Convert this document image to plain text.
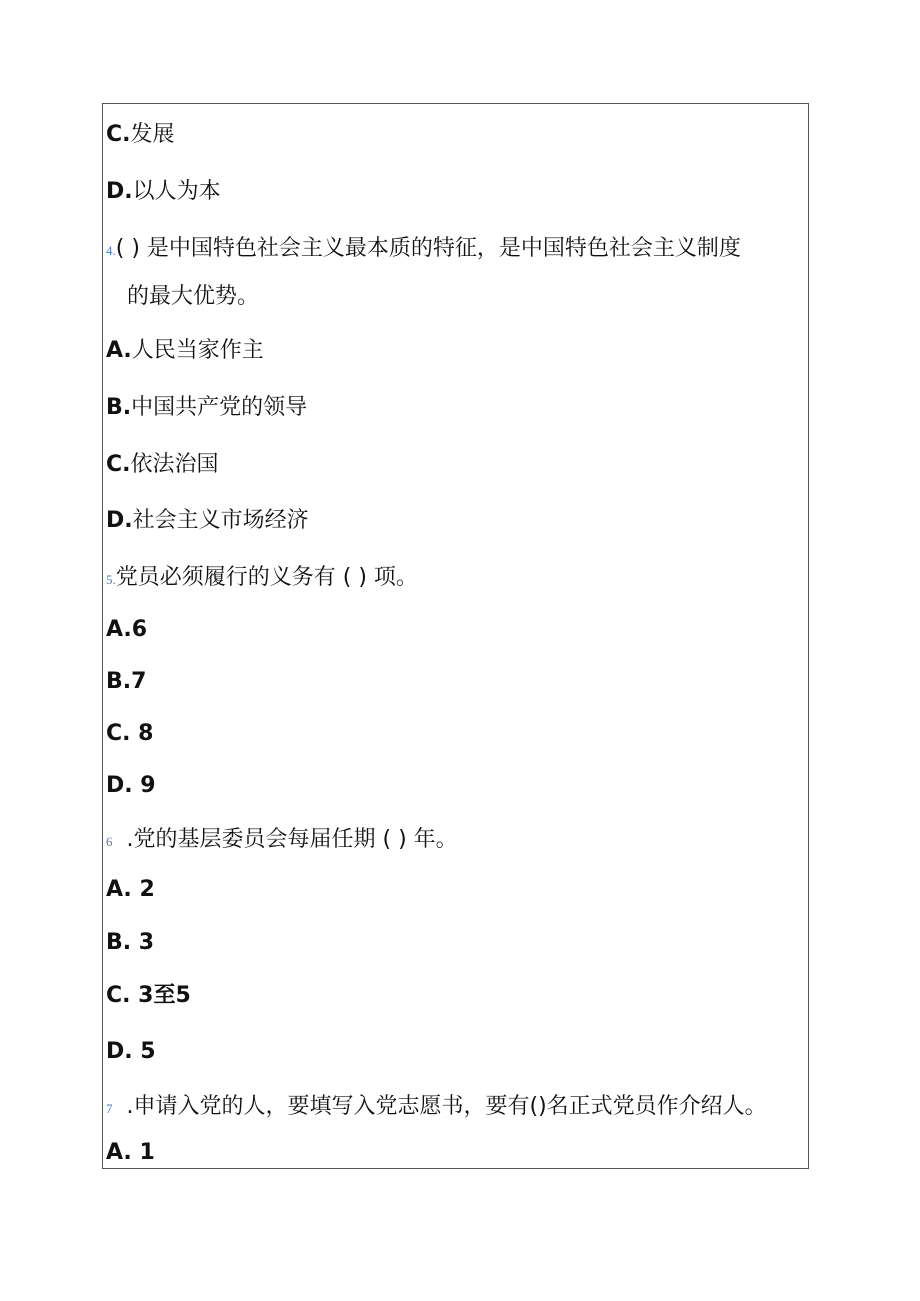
C.发展
D.以人为本
4.( ) 是中国特色社会主义最本质的特征，是中国特色社会主义制度
的最大优势。
A.人民当家作主
B.中国共产党的领导
C.依法治国
D.社会主义市场经济
5.党员必须履行的义务有 ( ) 项。
A.6
B.7
C. 8
D. 9
6 .党的基层委员会每届任期 ( ) 年。
A. 2
B. 3
C. 3至5
D. 5
7 .申请入党的人，要填写入党志愿书，要有()名正式党员作介绍人。
A. 1
